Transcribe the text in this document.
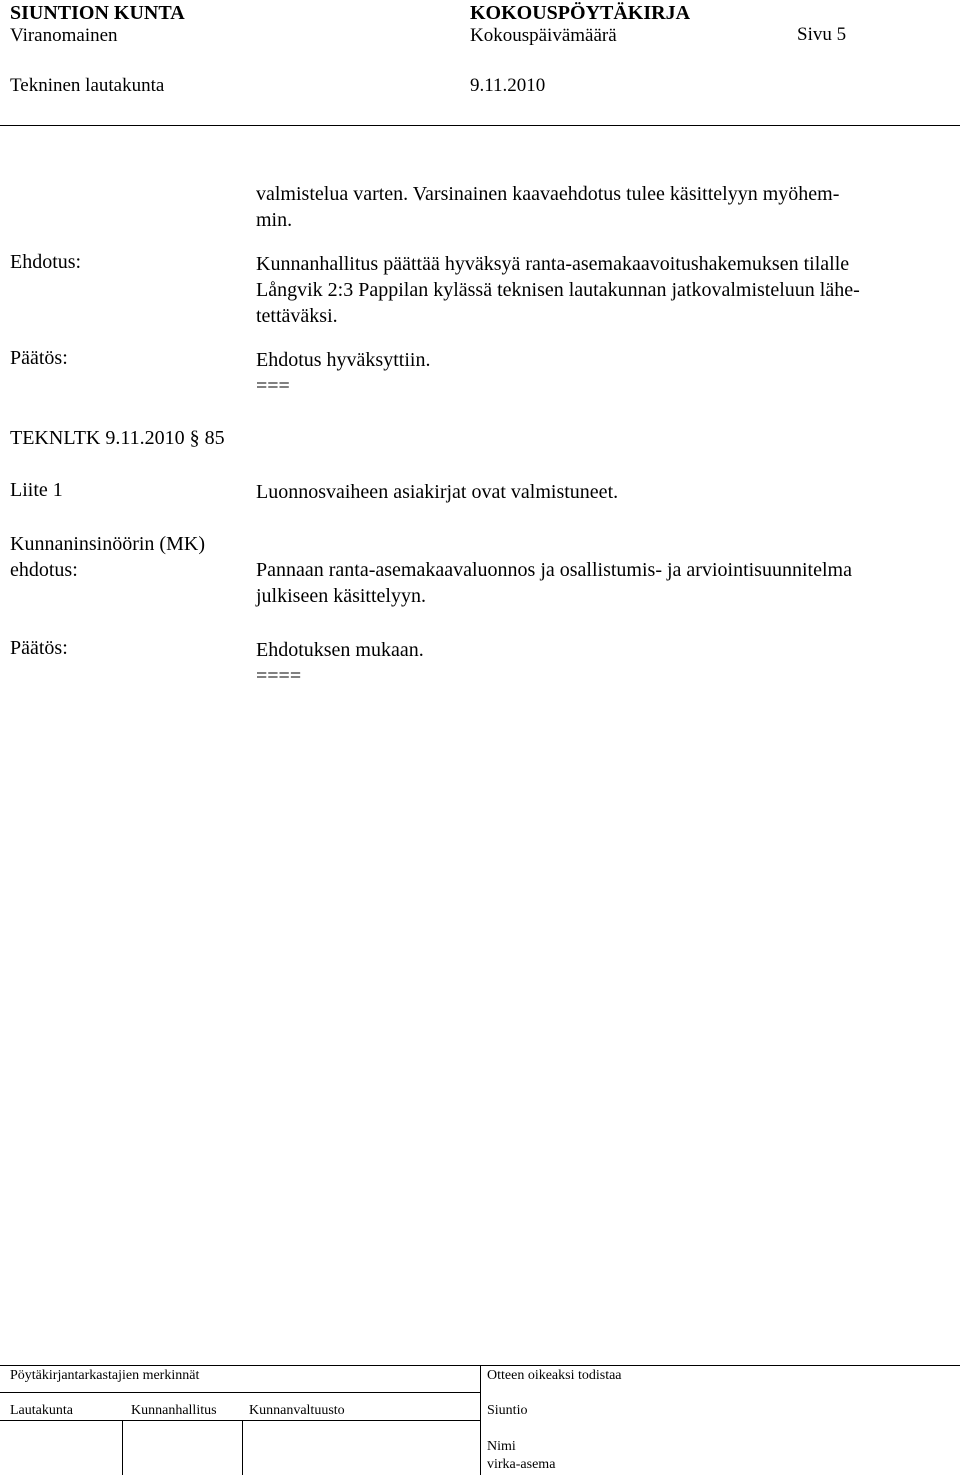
SIUNTION KUNTA	KOKOUSPÖYTÄKIRJA
Viranomainen	Kokouspäivämäärä	Sivu 5
Tekninen lautakunta	9.11.2010
valmistelua varten. Varsinainen kaavaehdotus tulee käsittelyyn myöhem-
min.
Ehdotus:	Kunnanhallitus päättää hyväksyä ranta-asemakaavoitushakemuksen tilalle
Långvik 2:3 Pappilan kylässä teknisen lautakunnan jatkovalmisteluun lähe-
tettäväksi.
Päätös:	Ehdotus hyväksyttiin.
===
TEKNLTK 9.11.2010 § 85
Liite 1	Luonnosvaiheen asiakirjat ovat valmistuneet.
Kunnaninsinöörin (MK)
ehdotus:	Pannaan ranta-asemakaavaluonnos ja osallistumis- ja arviointisuunnitelma
julkiseen käsittelyyn.
Päätös:	Ehdotuksen mukaan.
====
Pöytäkirjantarkastajien merkinnät
Lautakunta	Kunnanhallitus Kunnanvaltuusto
Otteen oikeaksi todistaa
Siuntio
Nimi
virka-asema
